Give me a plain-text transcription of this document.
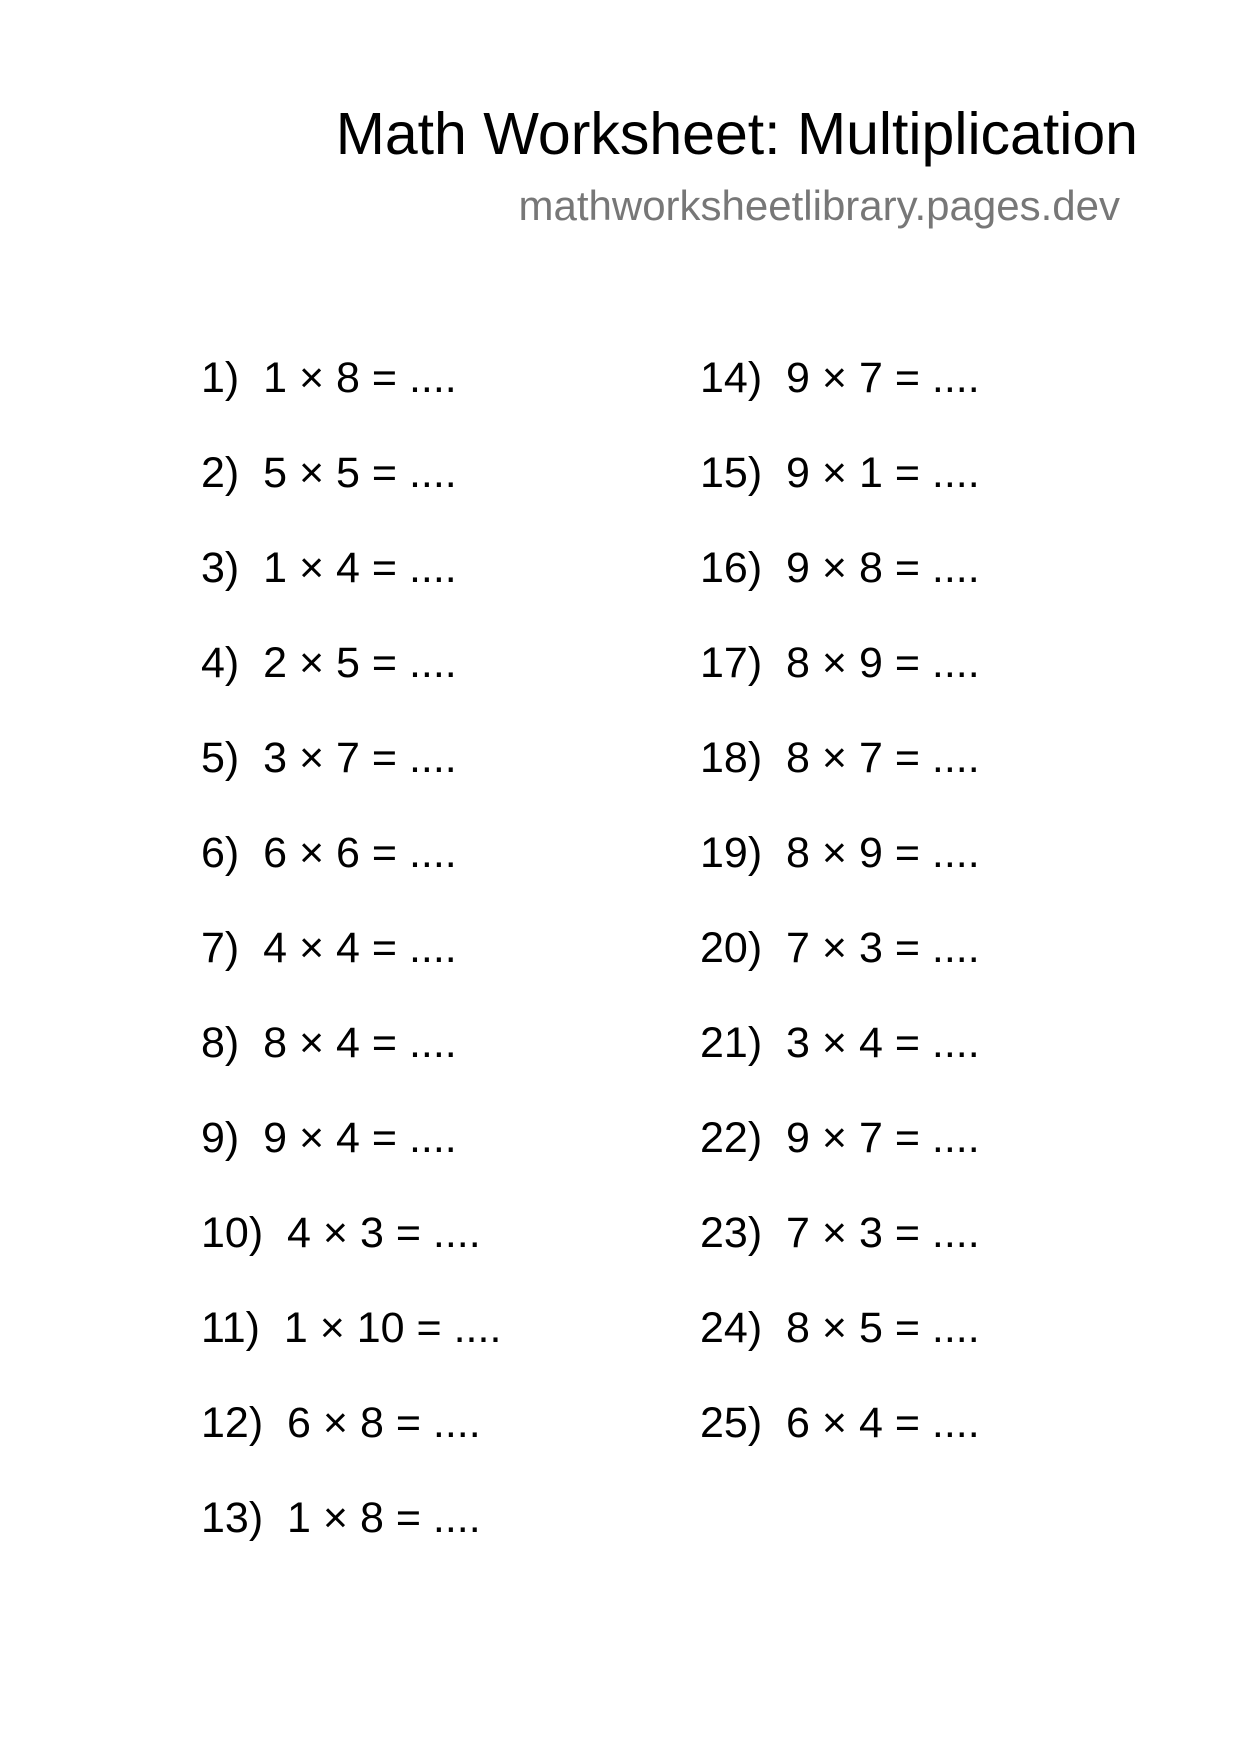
Math Worksheet: Multiplication
mathworksheetlibrary.pages.dev
1)  1 × 8 = ....
2)  5 × 5 = ....
3)  1 × 4 = ....
4)  2 × 5 = ....
5)  3 × 7 = ....
6)  6 × 6 = ....
7)  4 × 4 = ....
8)  8 × 4 = ....
9)  9 × 4 = ....
10)  4 × 3 = ....
11)  1 × 10 = ....
12)  6 × 8 = ....
13)  1 × 8 = ....
14)  9 × 7 = ....
15)  9 × 1 = ....
16)  9 × 8 = ....
17)  8 × 9 = ....
18)  8 × 7 = ....
19)  8 × 9 = ....
20)  7 × 3 = ....
21)  3 × 4 = ....
22)  9 × 7 = ....
23)  7 × 3 = ....
24)  8 × 5 = ....
25)  6 × 4 = ....
